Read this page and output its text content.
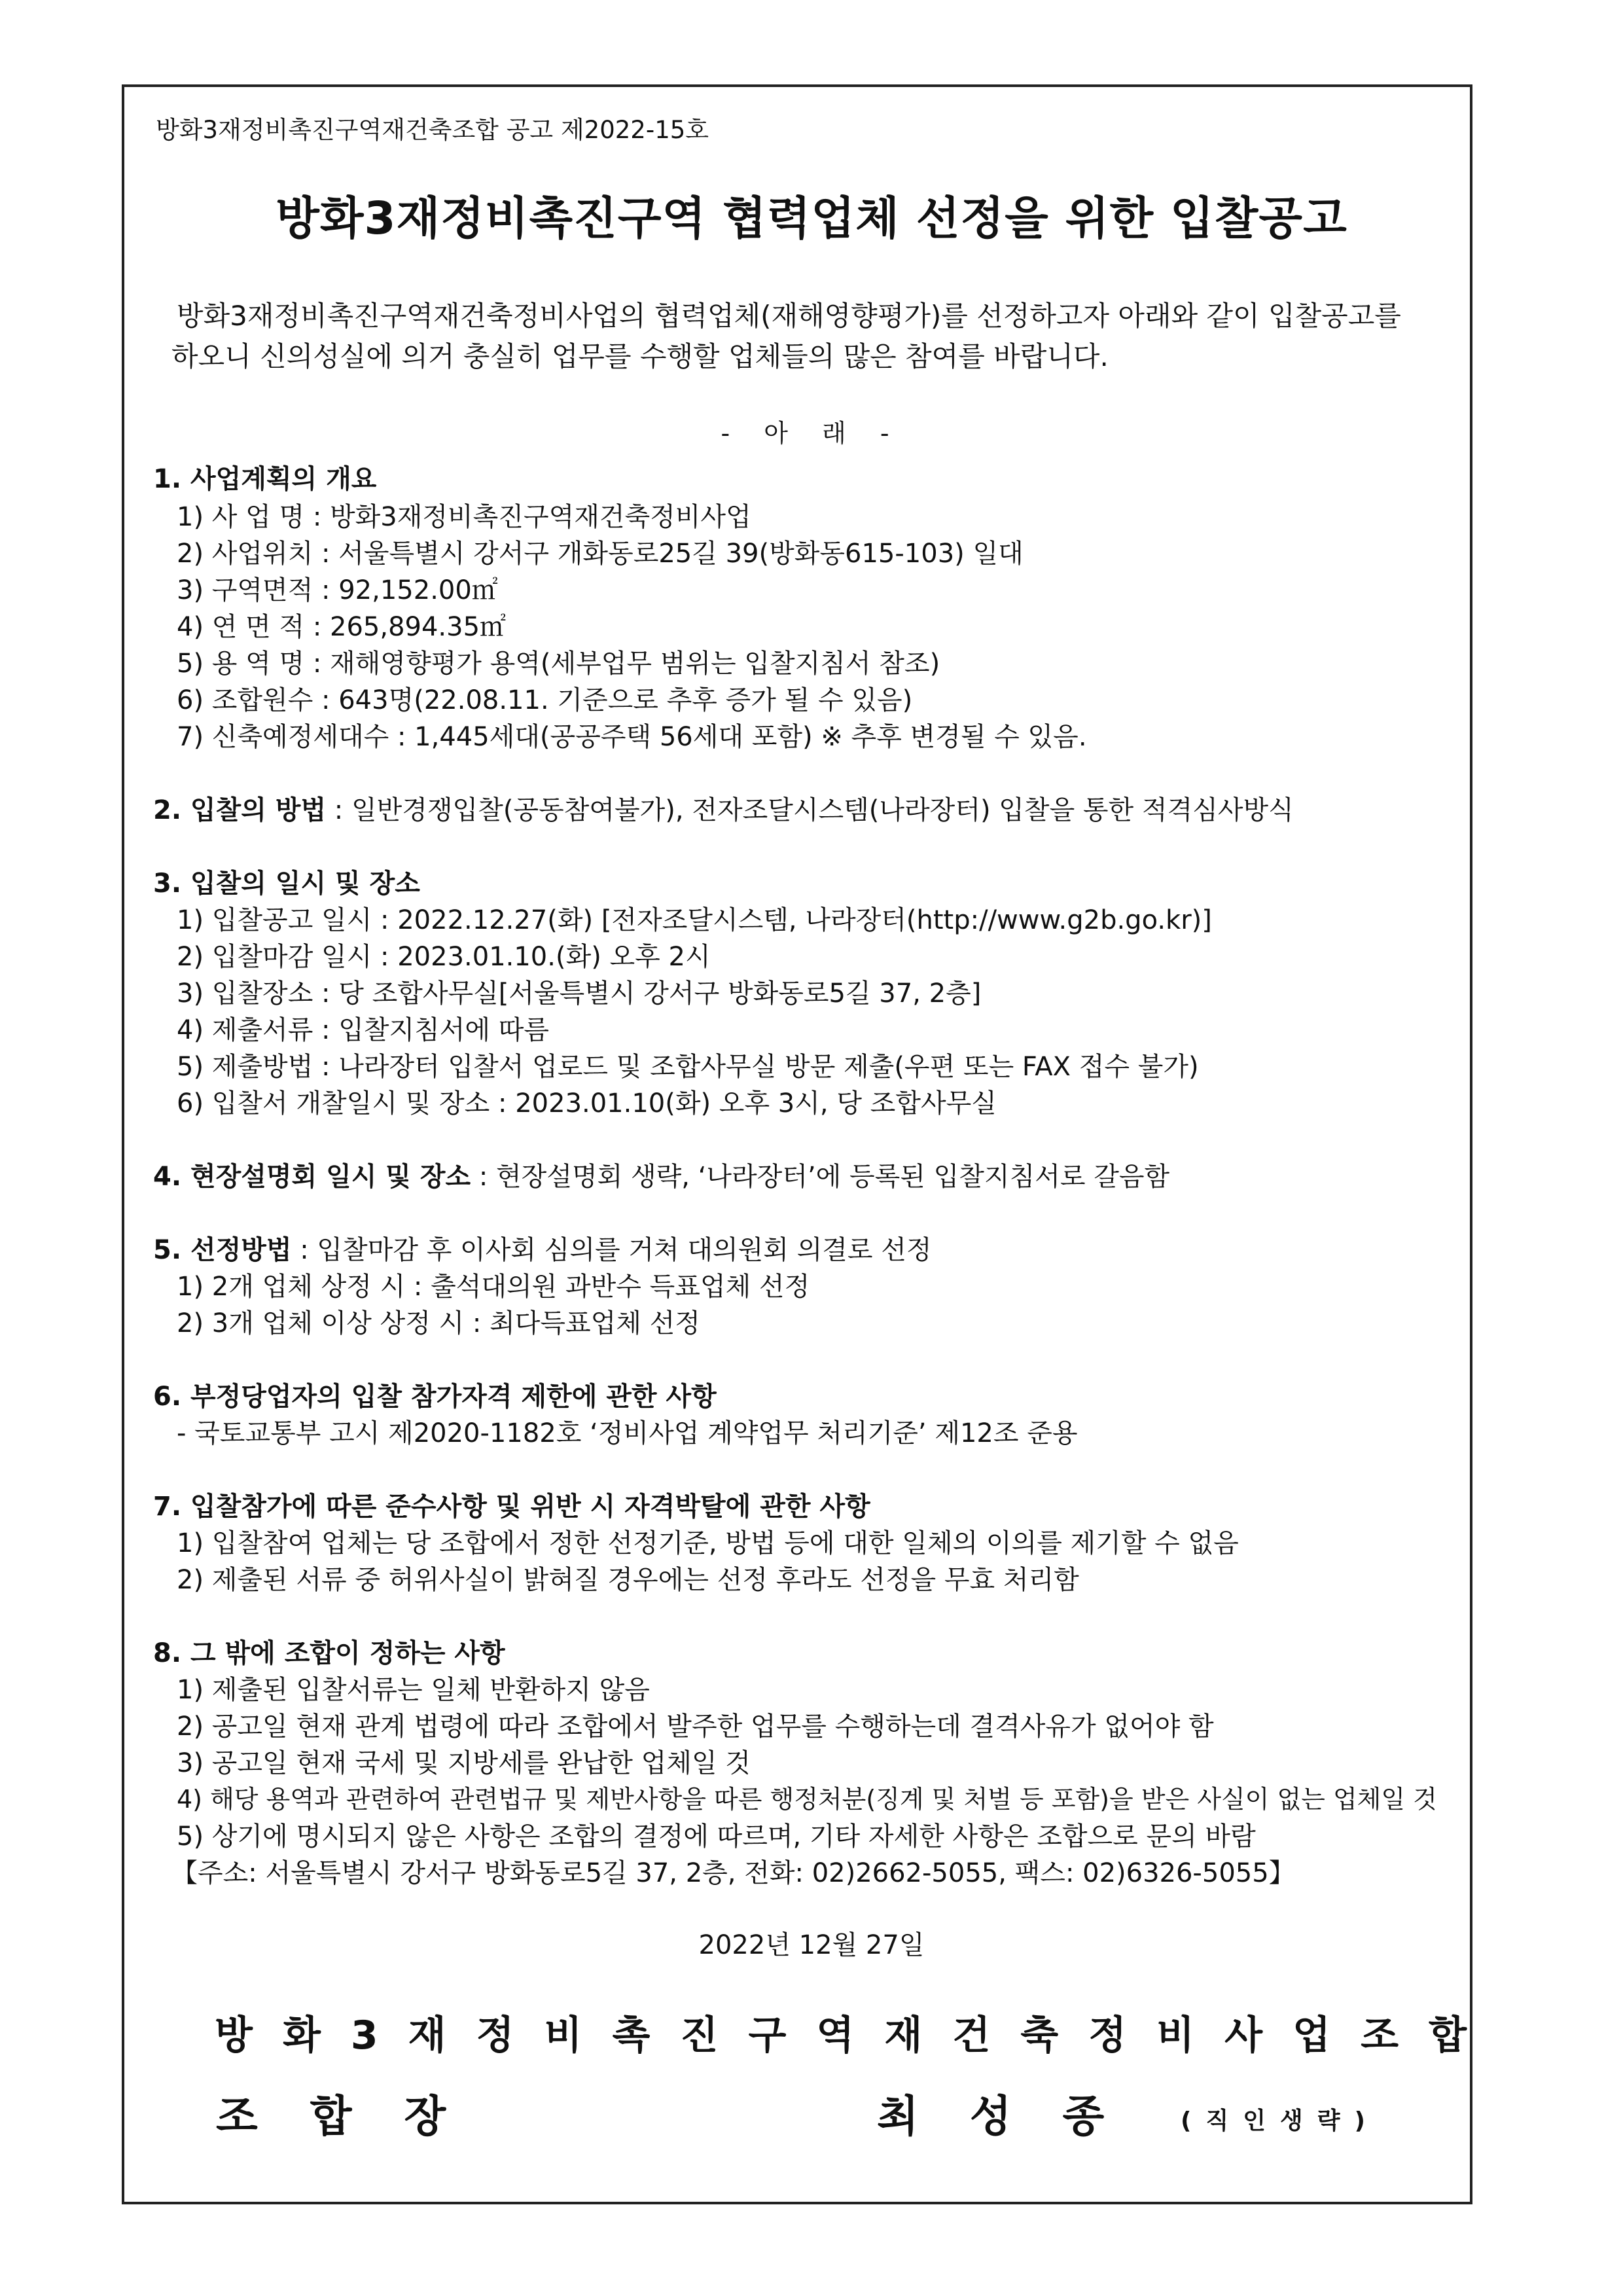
방화3재정비촉진구역재건축조합 공고 제2022-15호
방화3재정비촉진구역 협력업체 선정을 위한 입찰공고
방화3재정비촉진구역재건축정비사업의 협력업체(재해영향평가)를 선정하고자 아래와 같이 입찰공고를
하오니 신의성실에 의거 충실히 업무를 수행할 업체들의 많은 참여를 바랍니다.
- 아 래 -
1. 사업계획의 개요
1) 사 업 명 : 방화3재정비촉진구역재건축정비사업
2) 사업위치 : 서울특별시 강서구 개화동로25길 39(방화동615-103) 일대
3) 구역면적 : 92,152.00㎡
4) 연 면 적 : 265,894.35㎡
5) 용 역 명 : 재해영향평가 용역(세부업무 범위는 입찰지침서 참조)
6) 조합원수 : 643명(22.08.11. 기준으로 추후 증가 될 수 있음)
7) 신축예정세대수 : 1,445세대(공공주택 56세대 포함) ※ 추후 변경될 수 있음.
2. 입찰의 방법 : 일반경쟁입찰(공동참여불가), 전자조달시스템(나라장터) 입찰을 통한 적격심사방식
3. 입찰의 일시 및 장소
1) 입찰공고 일시 : 2022.12.27(화) [전자조달시스템, 나라장터(http://www.g2b.go.kr)]
2) 입찰마감 일시 : 2023.01.10.(화) 오후 2시
3) 입찰장소 : 당 조합사무실[서울특별시 강서구 방화동로5길 37, 2층]
4) 제출서류 : 입찰지침서에 따름
5) 제출방법 : 나라장터 입찰서 업로드 및 조합사무실 방문 제출(우편 또는 FAX 접수 불가)
6) 입찰서 개찰일시 및 장소 : 2023.01.10(화) 오후 3시, 당 조합사무실
4. 현장설명회 일시 및 장소 : 현장설명회 생략, ‘나라장터’에 등록된 입찰지침서로 갈음함
5. 선정방법 : 입찰마감 후 이사회 심의를 거쳐 대의원회 의결로 선정
1) 2개 업체 상정 시 : 출석대의원 과반수 득표업체 선정
2) 3개 업체 이상 상정 시 : 최다득표업체 선정
6. 부정당업자의 입찰 참가자격 제한에 관한 사항
- 국토교통부 고시 제2020-1182호 ‘정비사업 계약업무 처리기준’ 제12조 준용
7. 입찰참가에 따른 준수사항 및 위반 시 자격박탈에 관한 사항
1) 입찰참여 업체는 당 조합에서 정한 선정기준, 방법 등에 대한 일체의 이의를 제기할 수 없음
2) 제출된 서류 중 허위사실이 밝혀질 경우에는 선정 후라도 선정을 무효 처리함
8. 그 밖에 조합이 정하는 사항
1) 제출된 입찰서류는 일체 반환하지 않음
2) 공고일 현재 관계 법령에 따라 조합에서 발주한 업무를 수행하는데 결격사유가 없어야 함
3) 공고일 현재 국세 및 지방세를 완납한 업체일 것
4) 해당 용역과 관련하여 관련법규 및 제반사항을 따른 행정처분(징계 및 처벌 등 포함)을 받은 사실이 없는 업체일 것
5) 상기에 명시되지 않은 사항은 조합의 결정에 따르며, 기타 자세한 사항은 조합으로 문의 바람
【주소: 서울특별시 강서구 방화동로5길 37, 2층, 전화: 02)2662-5055, 팩스: 02)6326-5055】
2022년 12월 27일
방화3재정비촉진구역재건축정비사업조합
조합장	최성종 (직인생략)
